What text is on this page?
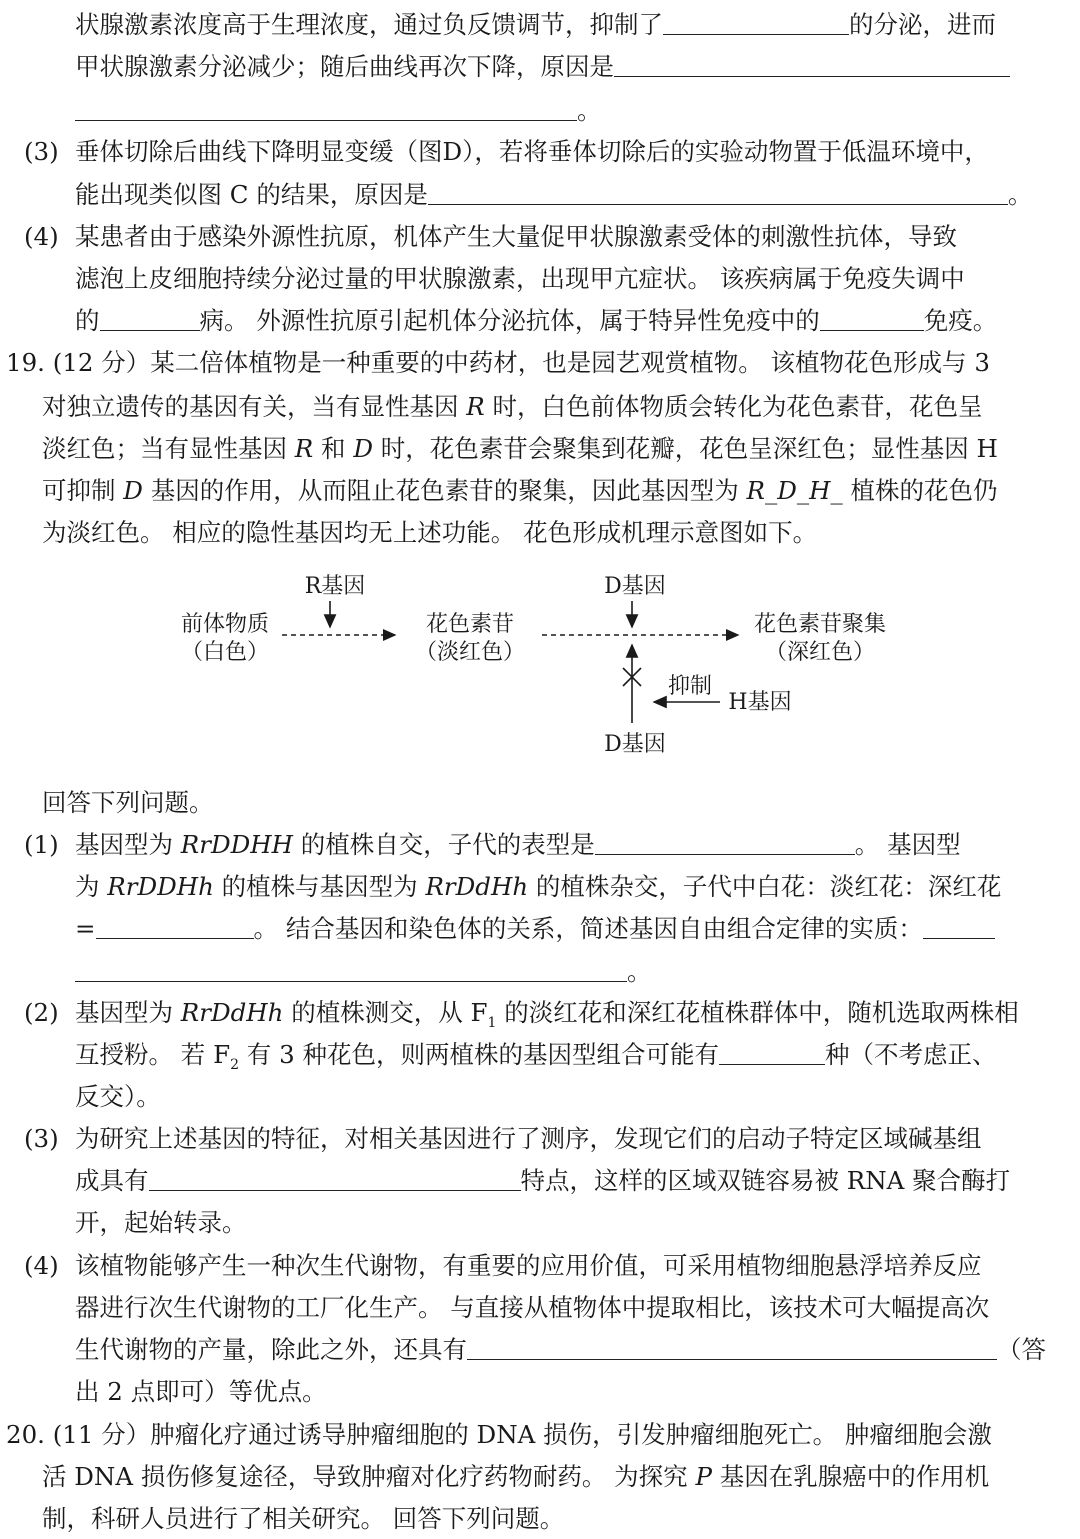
状腺激素浓度高于生理浓度，通过负反馈调节，抑制了	的分泌，进而
甲状腺激素分泌减少；随后曲线再次下降，原因是
。
(3) 垂体切除后曲线下降明显变缓（图D），若将垂体切除后的实验动物置于低温环境中，
能出现类似图 C 的结果，原因是	。
(4) 某患者由于感染外源性抗原，机体产生大量促甲状腺激素受体的刺激性抗体，导致
滤泡上皮细胞持续分泌过量的甲状腺激素，出现甲亢症状。 该疾病属于免疫失调中
的	病。 外源性抗原引起机体分泌抗体，属于特异性免疫中的	免疫。
19. (12 分）某二倍体植物是一种重要的中药材，也是园艺观赏植物。 该植物花色形成与 3
对独立遗传的基因有关，当有显性基因 R 时，白色前体物质会转化为花色素苷，花色呈
淡红色；当有显性基因 R 和 D 时，花色素苷会聚集到花瓣，花色呈深红色；显性基因 H
可抑制 D 基因的作用，从而阻止花色素苷的聚集，因此基因型为 R_D_H_ 植株的花色仍
为淡红色。 相应的隐性基因均无上述功能。 花色形成机理示意图如下。
R基因
前体物质
（白色）
花色素苷
（淡红色）
D基因
花色素苷聚集
（深红色）
抑制
H基因
D基因
回答下列问题。
(1) 基因型为 RrDDHH 的植株自交，子代的表型是	。 基因型
为 RrDDHh 的植株与基因型为 RrDdHh 的植株杂交，子代中白花：淡红花：深红花
=	。 结合基因和染色体的关系，简述基因自由组合定律的实质：
。
(2) 基因型为 RrDdHh 的植株测交，从 $F_1$ 的淡红花和深红花植株群体中，随机选取两株相
互授粉。 若 $F_2$ 有 3 种花色，则两植株的基因型组合可能有	种（不考虑正、
反交）。
(3) 为研究上述基因的特征，对相关基因进行了测序，发现它们的启动子特定区域碱基组
成具有	特点，这样的区域双链容易被 RNA 聚合酶打
开，起始转录。
(4) 该植物能够产生一种次生代谢物，有重要的应用价值，可采用植物细胞悬浮培养反应
器进行次生代谢物的工厂化生产。 与直接从植物体中提取相比，该技术可大幅提高次
生代谢物的产量，除此之外，还具有	（答
出 2 点即可）等优点。
20. (11 分）肿瘤化疗通过诱导肿瘤细胞的 DNA 损伤，引发肿瘤细胞死亡。 肿瘤细胞会激
活 DNA 损伤修复途径，导致肿瘤对化疗药物耐药。 为探究 P 基因在乳腺癌中的作用机
制，科研人员进行了相关研究。 回答下列问题。
